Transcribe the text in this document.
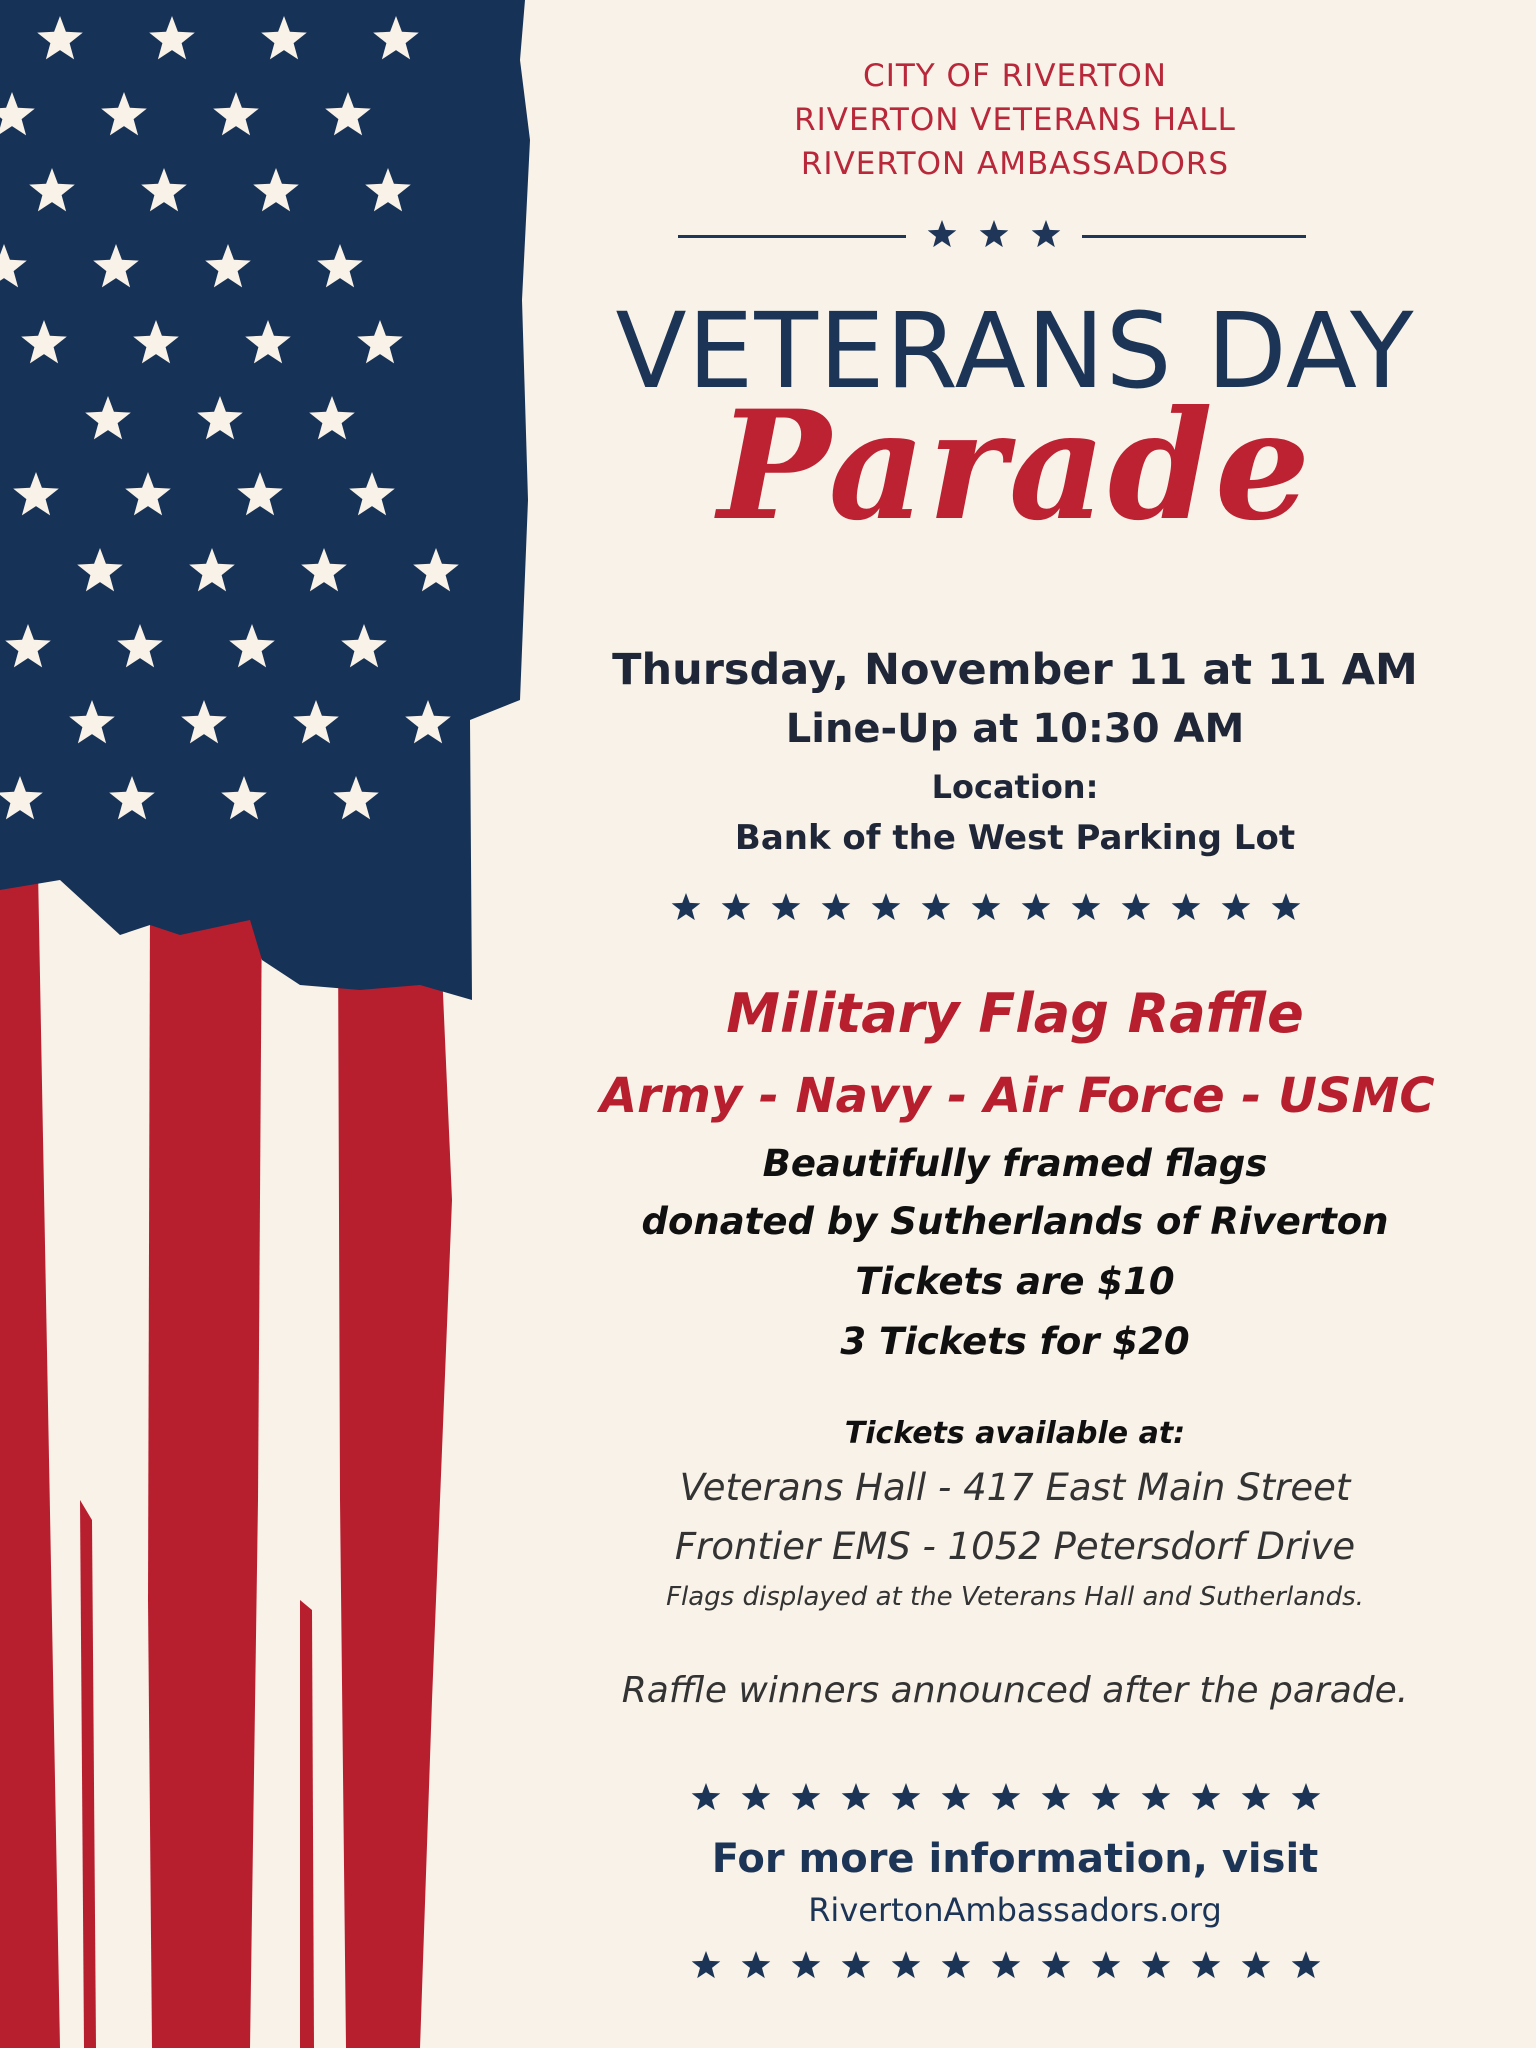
CITY OF RIVERTON
RIVERTON VETERANS HALL
RIVERTON AMBASSADORS
VETERANS DAY
Parade
Thursday, November 11 at 11 AM
Line-Up at 10:30 AM
Location:
Bank of the West Parking Lot
Military Flag Raffle
Army - Navy - Air Force - USMC
Beautifully framed flags
donated by Sutherlands of Riverton
Tickets are $10
3 Tickets for $20
Tickets available at:
Veterans Hall - 417 East Main Street
Frontier EMS - 1052 Petersdorf Drive
Flags displayed at the Veterans Hall and Sutherlands.
Raffle winners announced after the parade.
For more information, visit
RivertonAmbassadors.org
